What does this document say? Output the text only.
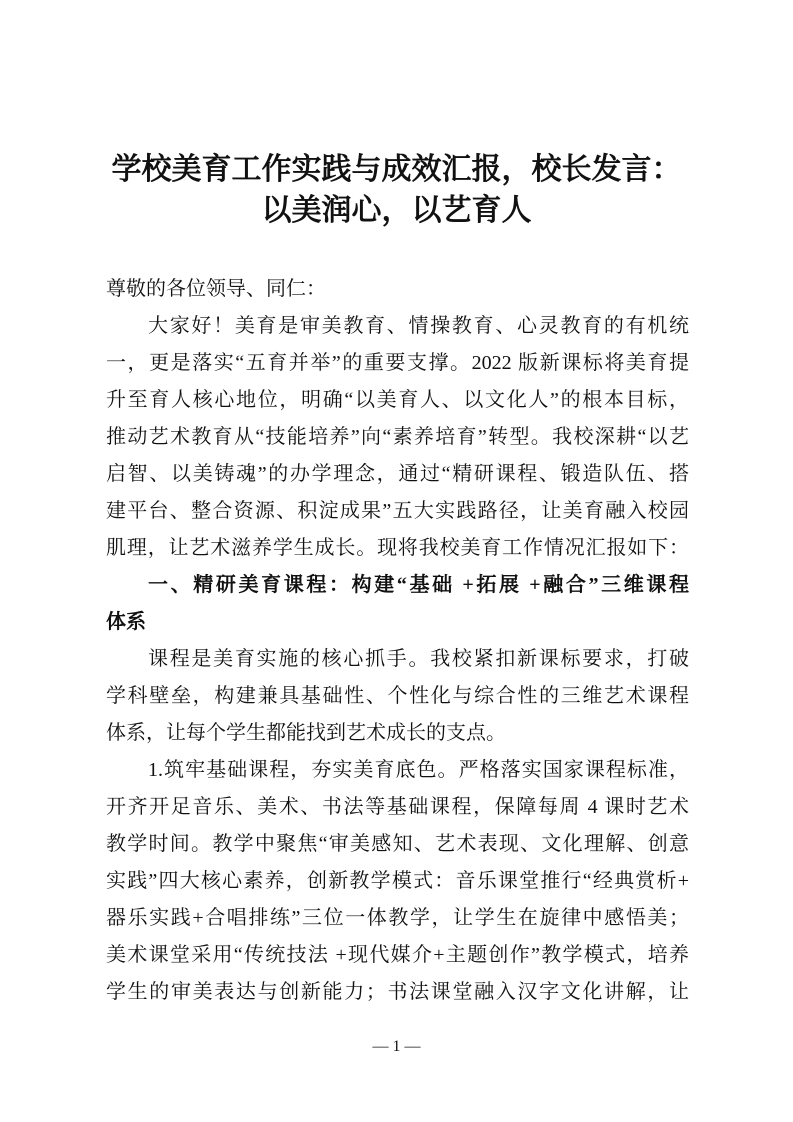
学校美育工作实践与成效汇报，校长发言：
以美润心，以艺育人
尊敬的各位领导、同仁：
大家好！美育是审美教育、情操教育、心灵教育的有机统
一，更是落实“五育并举”的重要支撑。2022 版新课标将美育提
升至育人核心地位，明确“以美育人、以文化人”的根本目标，
推动艺术教育从“技能培养”向“素养培育”转型。我校深耕“以艺
启智、以美铸魂”的办学理念，通过“精研课程、锻造队伍、搭
建平台、整合资源、积淀成果”五大实践路径，让美育融入校园
肌理，让艺术滋养学生成长。现将我校美育工作情况汇报如下：
一、精研美育课程：构建“基础 +拓展 +融合”三维课程
体系
课程是美育实施的核心抓手。我校紧扣新课标要求，打破
学科壁垒，构建兼具基础性、个性化与综合性的三维艺术课程
体系，让每个学生都能找到艺术成长的支点。
1.筑牢基础课程，夯实美育底色。严格落实国家课程标准，
开齐开足音乐、美术、书法等基础课程，保障每周 4 课时艺术
教学时间。教学中聚焦“审美感知、艺术表现、文化理解、创意
实践”四大核心素养，创新教学模式：音乐课堂推行“经典赏析+
器乐实践+合唱排练”三位一体教学，让学生在旋律中感悟美；
美术课堂采用“传统技法 +现代媒介+主题创作”教学模式，培养
学生的审美表达与创新能力；书法课堂融入汉字文化讲解，让
— 1 —
